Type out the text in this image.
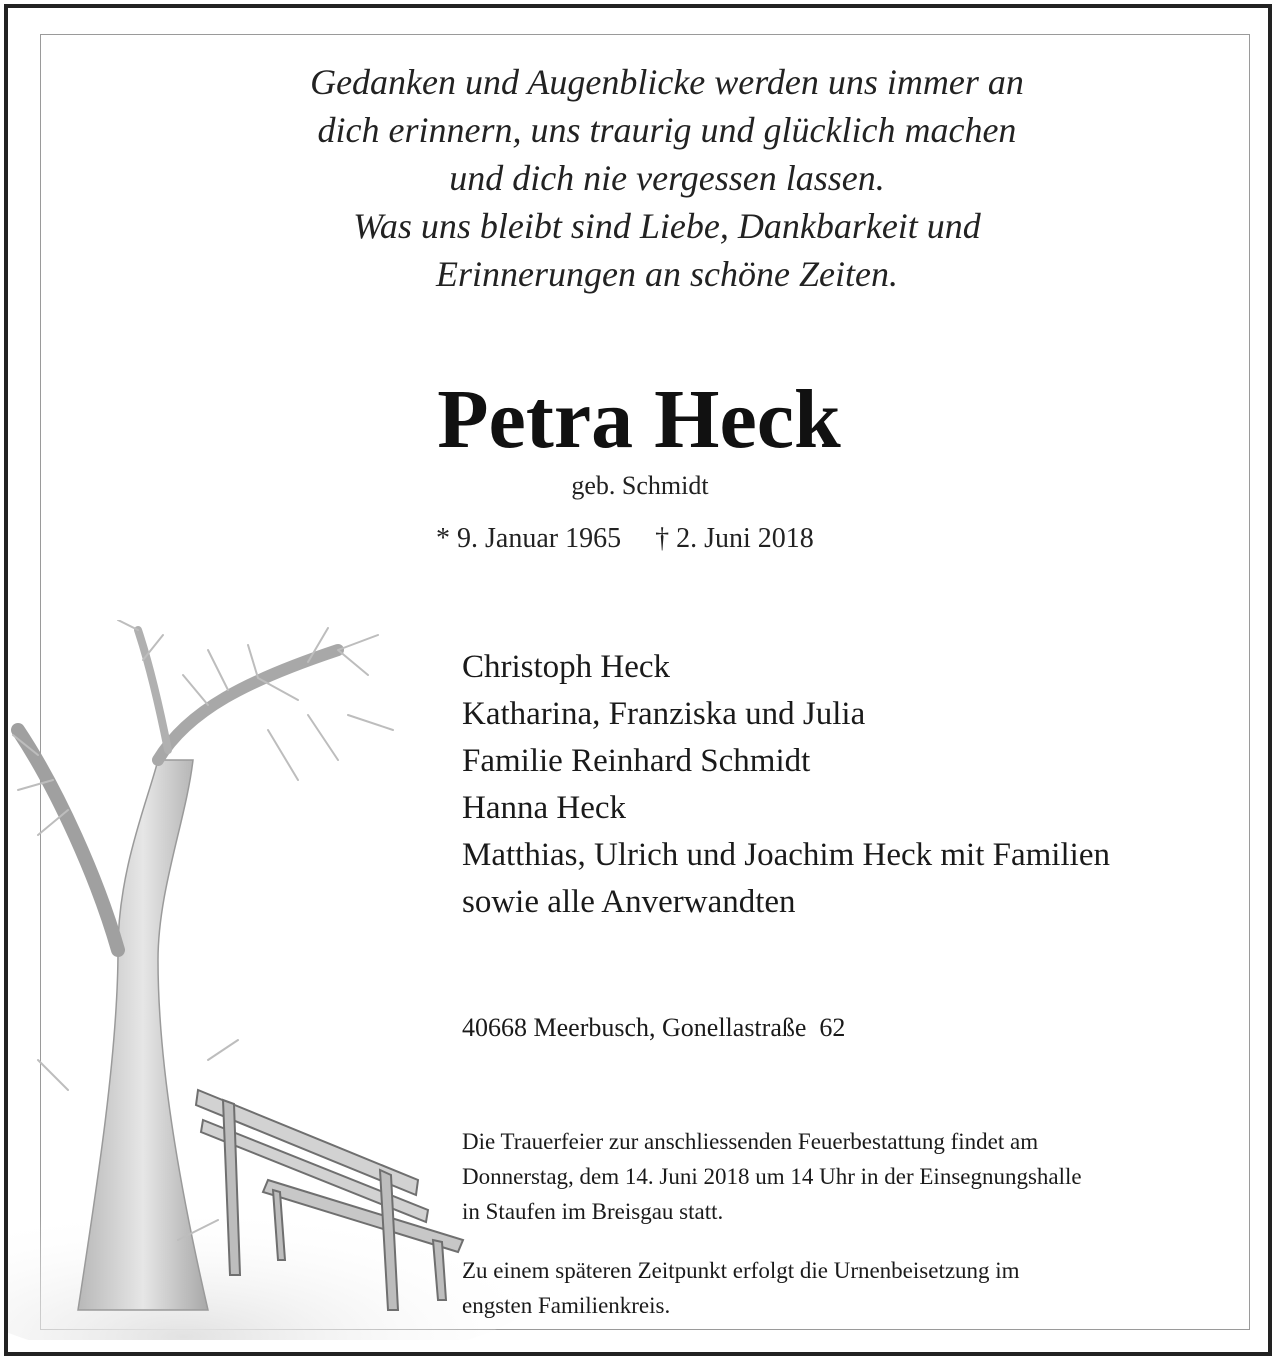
Gedanken und Augenblicke werden uns immer an
dich erinnern, uns traurig und glücklich machen
und dich nie vergessen lassen.
Was uns bleibt sind Liebe, Dankbarkeit und
Erinnerungen an schöne Zeiten.
Petra Heck
geb. Schmidt
* 9. Januar 1965 † 2. Juni 2018
Christoph Heck
Katharina, Franziska und Julia
Familie Reinhard Schmidt
Hanna Heck
Matthias, Ulrich und Joachim Heck mit Familien
sowie alle Anverwandten
40668 Meerbusch, Gonellastraße  62

Die Trauerfeier zur anschliessenden Feuerbestattung findet am
Donnerstag, dem 14. Juni 2018 um 14 Uhr in der Einsegnungshalle
in Staufen im Breisgau statt.

Zu einem späteren Zeitpunkt erfolgt die Urnenbeisetzung im
engsten Familienkreis.
